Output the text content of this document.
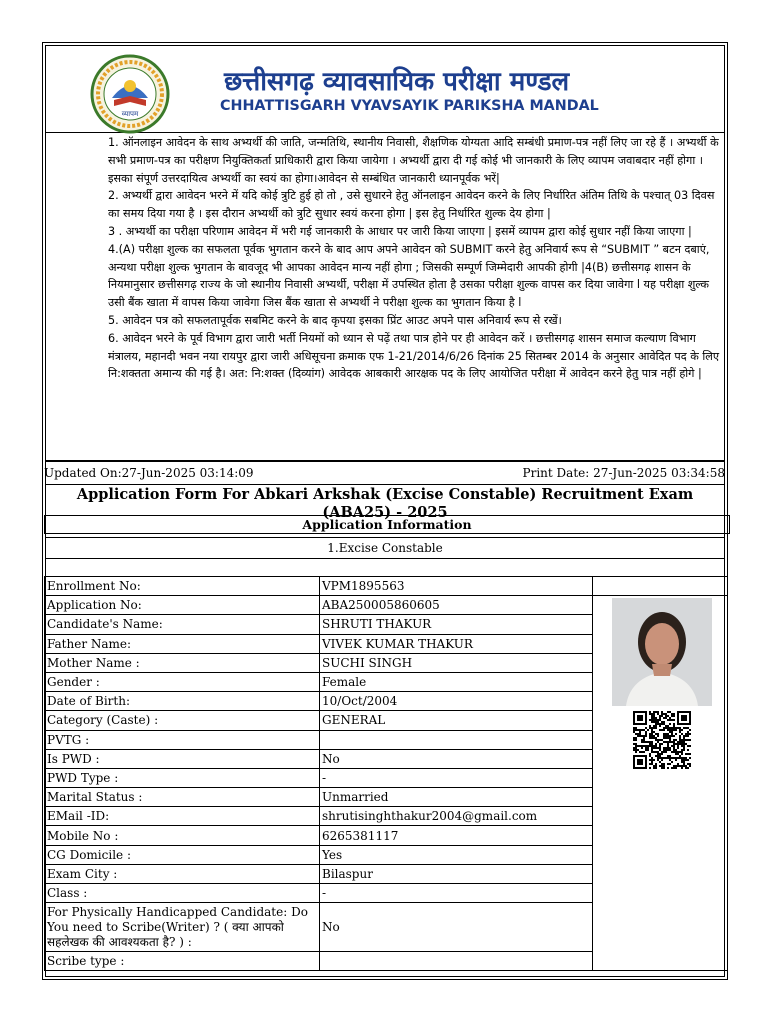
व्यापम
छत्तीसगढ़ व्यावसायिक परीक्षा मण्डल
CHHATTISGARH VYAVSAYIK PARIKSHA MANDAL

1. ऑनलाइन आवेदन के साथ अभ्यर्थी की जाति, जन्मतिथि, स्थानीय निवासी, शैक्षणिक योग्यता आदि सम्बंधी प्रमाण-पत्र नहीं लिए जा रहे हैं । अभ्यर्थी के सभी प्रमाण-पत्र का परीक्षण नियुक्तिकर्ता प्राधिकारी द्वारा किया जायेगा । अभ्यर्थी द्वारा दी गई कोई भी जानकारी के लिए व्यापम जवाबदार नहीं होगा । इसका संपूर्ण उत्तरदायित्व अभ्यर्थी का स्वयं का होगा।आवेदन से सम्बंधित जानकारी ध्यानपूर्वक भरें|

2. अभ्यर्थी द्वारा आवेदन भरने में यदि कोई त्रुटि हुई हो तो , उसे सुधारने हेतु ऑनलाइन आवेदन करने के लिए निर्धारित अंतिम तिथि के पश्चात् 03 दिवस का समय दिया गया है । इस दौरान अभ्यर्थी को त्रुटि सुधार स्वयं करना होगा | इस हेतु निर्धारित शुल्क देय होगा |

3 . अभ्यर्थी का परीक्षा परिणाम आवेदन में भरी गई जानकारी के आधार पर जारी किया जाएगा | इसमें व्यापम द्वारा कोई सुधार नहीं किया जाएगा |

4.(A) परीक्षा शुल्क का सफलता पूर्वक भुगतान करने के बाद आप अपने आवेदन को SUBMIT करने हेतु अनिवार्य रूप से “SUBMIT ” बटन दबाएं, अन्यथा परीक्षा शुल्क भुगतान के बावजूद भी आपका आवेदन मान्य नहीं होगा ; जिसकी सम्पूर्ण जिम्मेदारी आपकी होगी |4(B) छत्तीसगढ़ शासन के नियमानुसार छत्तीसगढ़ राज्य के जो स्थानीय निवासी अभ्यर्थी, परीक्षा में उपस्थित होता है उसका परीक्षा शुल्क वापस कर दिया जावेगा l यह परीक्षा शुल्क उसी बैंक खाता में वापस किया जावेगा जिस बैंक खाता से अभ्यर्थी ने परीक्षा शुल्क का भुगतान किया है l

5. आवेदन पत्र को सफलतापूर्वक सबमिट करने के बाद कृपया इसका प्रिंट आउट अपने पास अनिवार्य रूप से रखें।

6. आवेदन भरने के पूर्व विभाग द्वारा जारी भर्ती नियमों को ध्यान से पढ़ें तथा पात्र होने पर ही आवेदन करें । छत्तीसगढ़ शासन समाज कल्याण विभाग मंत्रालय, महानदी भवन नया रायपुर द्वारा जारी अधिसूचना क्रमाक एफ 1-21/2014/6/26 दिनांक 25 सितम्बर 2014 के अनुसार आवेदित पद के लिए नि:शक्तता अमान्य की गई है। अत: नि:शक्त (दिव्यांग) आवेदक आबकारी आरक्षक पद के लिए आयोजित परीक्षा में आवेदन करने हेतु पात्र नहीं होगे |

Updated On:27-Jun-2025 03:14:09	Print Date: 27-Jun-2025 03:34:58
Application Form For Abkari Arkshak (Excise Constable) Recruitment Exam (ABA25) - 2025
1.Excise Constable
Application Information
Enrollment No:	VPM1895563	
Application No:	ABA250005860605	
Candidate's Name:	SHRUTI THAKUR	
Father Name:	VIVEK KUMAR THAKUR	
Mother Name :	SUCHI SINGH	
Gender :	Female	
Date of Birth:	10/Oct/2004	
Category (Caste) :	GENERAL	
PVTG :		
Is PWD :	No	
PWD Type :	-	
Marital Status :	Unmarried	
EMail -ID:	shrutisinghthakur2004@gmail.com	
Mobile No :	6265381117	
CG Domicile :	Yes	
Exam City :	Bilaspur	
Class :	-	
For Physically Handicapped Candidate: Do You need to Scribe(Writer) ? ( क्या आपको सहलेखक की आवश्यकता है? ) :	No	
Scribe type :		
